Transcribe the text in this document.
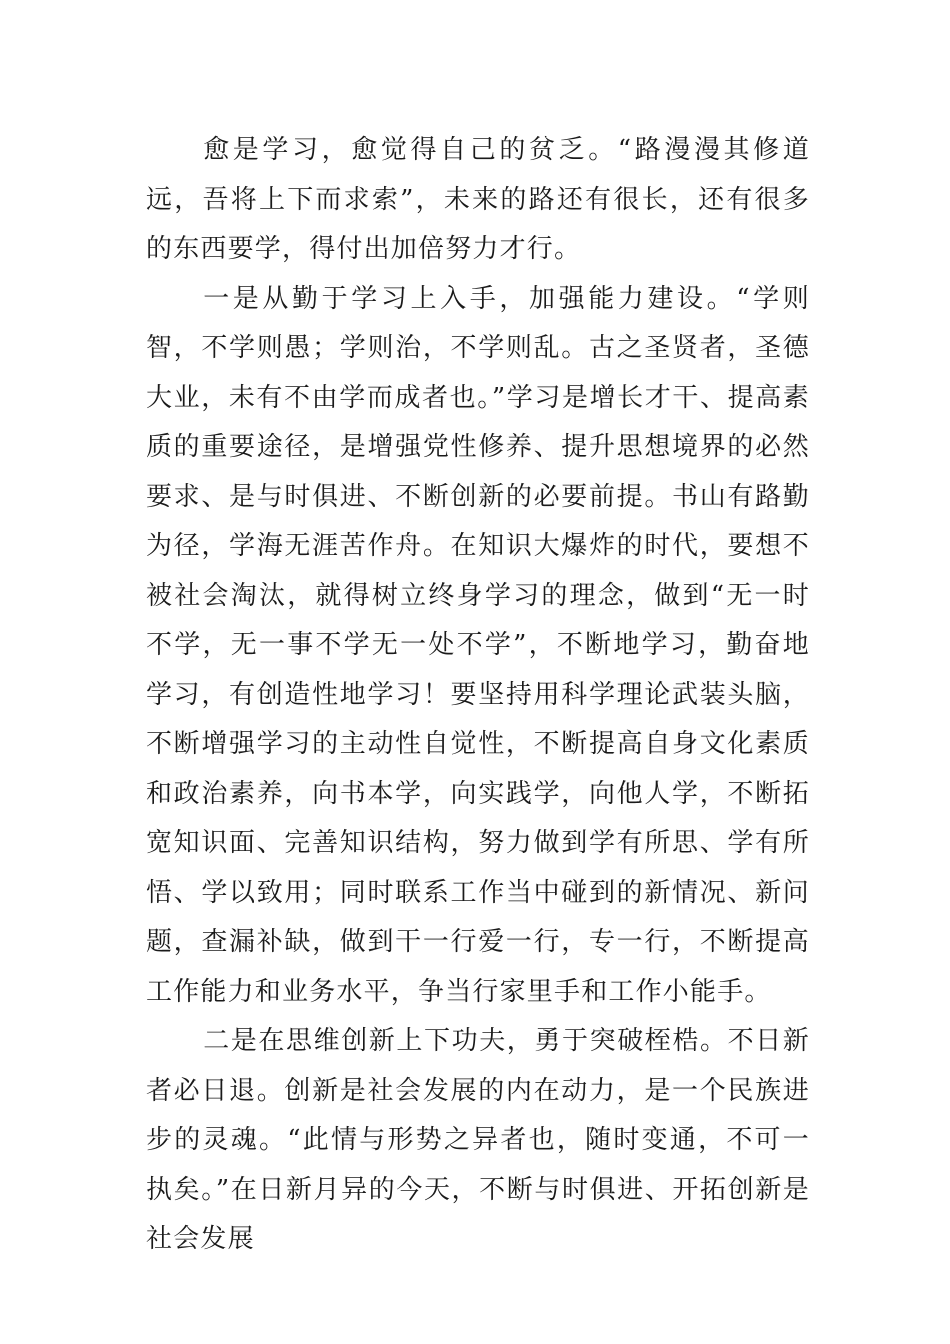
愈是学习，愈觉得自己的贫乏。“路漫漫其修道远，吾将上下而求索”，未来的路还有很长，还有很多的东西要学，得付出加倍努力才行。

一是从勤于学习上入手，加强能力建设。“学则智，不学则愚；学则治，不学则乱。古之圣贤者，圣德大业，未有不由学而成者也。”学习是增长才干、提高素质的重要途径，是增强党性修养、提升思想境界的必然要求、是与时俱进、不断创新的必要前提。书山有路勤为径，学海无涯苦作舟。在知识大爆炸的时代，要想不被社会淘汰，就得树立终身学习的理念，做到“无一时不学，无一事不学无一处不学”，不断地学习，勤奋地学习，有创造性地学习！要坚持用科学理论武装头脑，不断增强学习的主动性自觉性，不断提高自身文化素质和政治素养，向书本学，向实践学，向他人学，不断拓宽知识面、完善知识结构，努力做到学有所思、学有所悟、学以致用；同时联系工作当中碰到的新情况、新问题，查漏补缺，做到干一行爱一行，专一行，不断提高工作能力和业务水平，争当行家里手和工作小能手。

二是在思维创新上下功夫，勇于突破桎梏。不日新者必日退。创新是社会发展的内在动力，是一个民族进步的灵魂。“此情与形势之异者也，随时变通，不可一执矣。”在日新月异的今天，不断与时俱进、开拓创新是社会发展
